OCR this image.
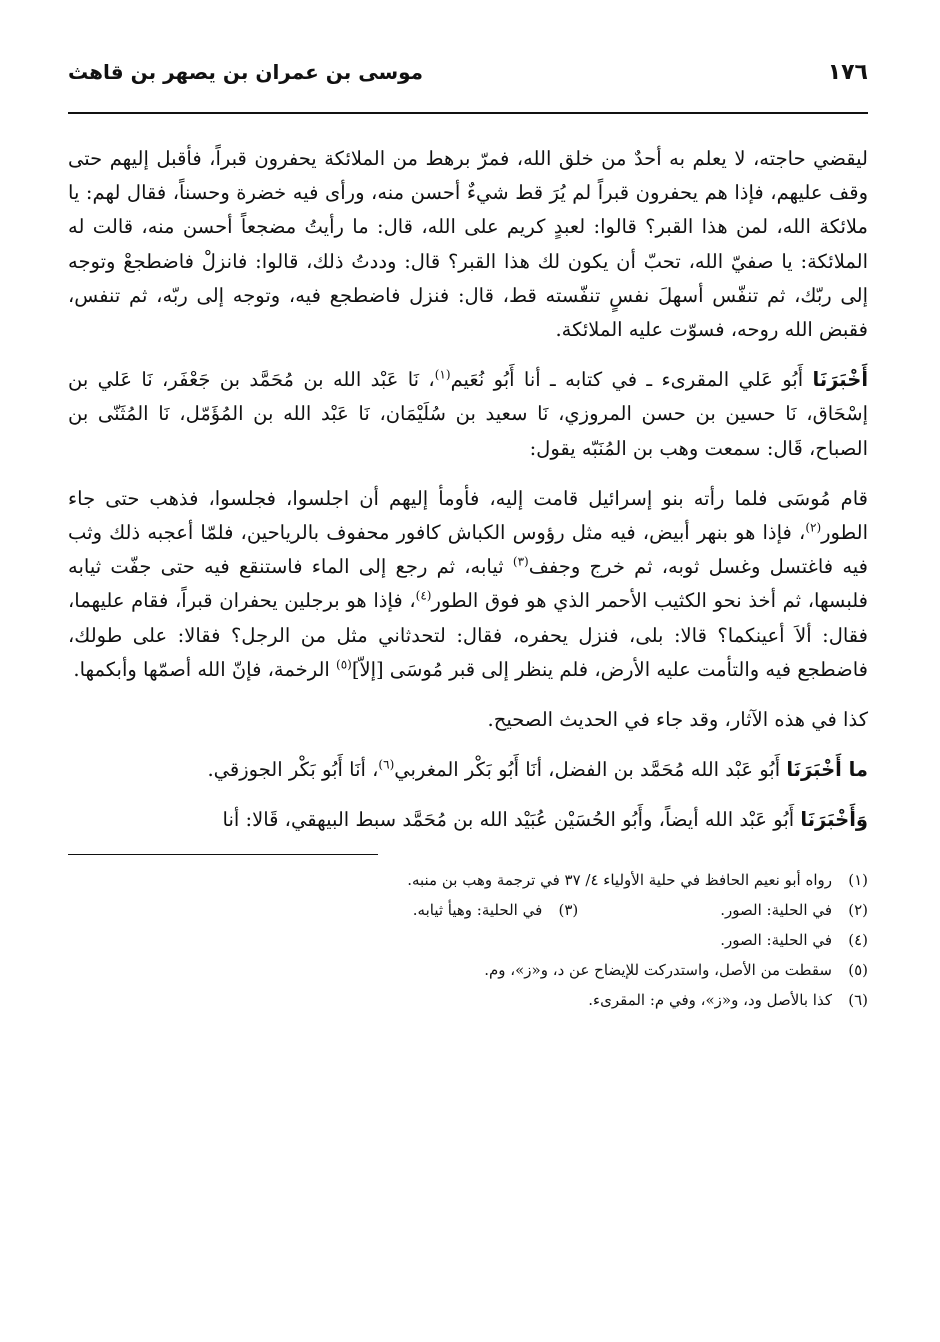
١٧٦
موسى بن عمران بن يصهر بن قاهث

ليقضي حاجته، لا يعلم به أحدٌ من خلق الله، فمرّ برهط من الملائكة يحفرون قبراً، فأقبل إليهم حتى وقف عليهم، فإذا هم يحفرون قبراً لم يُرَ قط شيءٌ أحسن منه، ورأى فيه خضرة وحسناً، فقال لهم: يا ملائكة الله، لمن هذا القبر؟ قالوا: لعبدٍ كريم على الله، قال: ما رأيتُ مضجعاً أحسن منه، قالت له الملائكة: يا صفيّ الله، تحبّ أن يكون لك هذا القبر؟ قال: وددتُ ذلك، قالوا: فانزلْ فاضطجعْ وتوجه إلى ربّك، ثم تنفّس أسهلَ نفسٍ تنفّسته قط، قال: فنزل فاضطجع فيه، وتوجه إلى ربّه، ثم تنفس، فقبض الله روحه، فسوّت عليه الملائكة.

أَخْبَرَنَا أَبُو عَلي المقرىء ـ في كتابه ـ أنا أَبُو نُعَيم$^{(١)}$، نَا عَبْد الله بن مُحَمَّد بن جَعْفَر، نَا عَلي بن إسْحَاق، نَا حسين بن حسن المروزي، نَا سعيد بن سُلَيْمَان، نَا عَبْد الله بن المُؤَمّل، نَا المُثَنّى بن الصباح، قَال: سمعت وهب بن المُنَبّه يقول:

قام مُوسَى فلما رأته بنو إسرائيل قامت إليه، فأومأ إليهم أن اجلسوا، فجلسوا، فذهب حتى جاء الطور$^{(٢)}$، فإذا هو بنهر أبيض، فيه مثل رؤوس الكباش كافور محفوف بالرياحين، فلمّا أعجبه ذلك وثب فيه فاغتسل وغسل ثوبه، ثم خرج وجفف$^{(٣)}$ ثيابه، ثم رجع إلى الماء فاستنقع فيه حتى جفّت ثيابه فلبسها، ثم أخذ نحو الكثيب الأحمر الذي هو فوق الطور$^{(٤)}$، فإذا هو برجلين يحفران قبراً، فقام عليهما، فقال: ألاَ أعينكما؟ قالا: بلى، فنزل يحفره، فقال: لتحدثاني مثل من الرجل؟ فقالا: على طولك، فاضطجع فيه والتأمت عليه الأرض، فلم ينظر إلى قبر مُوسَى [إلاّ]$^{(٥)}$ الرخمة، فإنّ الله أصمّها وأبكمها.

كذا في هذه الآثار، وقد جاء في الحديث الصحيح.

ما أَخْبَرَنَا أَبُو عَبْد الله مُحَمَّد بن الفضل، أنَا أَبُو بَكْر المغربي$^{(٦)}$، أنَا أَبُو بَكْر الجوزقي.

وَأَخْبَرَنَا أَبُو عَبْد الله أيضاً، وأَبُو الحُسَيْن عُبَيْد الله بن مُحَمَّد سبط البيهقي، قَالا: أنا

(١)
رواه أبو نعيم الحافظ في حلية الأولياء ٤/ ٣٧ في ترجمة وهب بن منبه.
(٢)
في الحلية: الصور.
(٣)
في الحلية: وهيأ ثيابه.
(٤)
في الحلية: الصور.
(٥)
سقطت من الأصل، واستدركت للإيضاح عن د، و«ز»، وم.
(٦)
كذا بالأصل ود، و«ز»، وفي م: المقرىء.
